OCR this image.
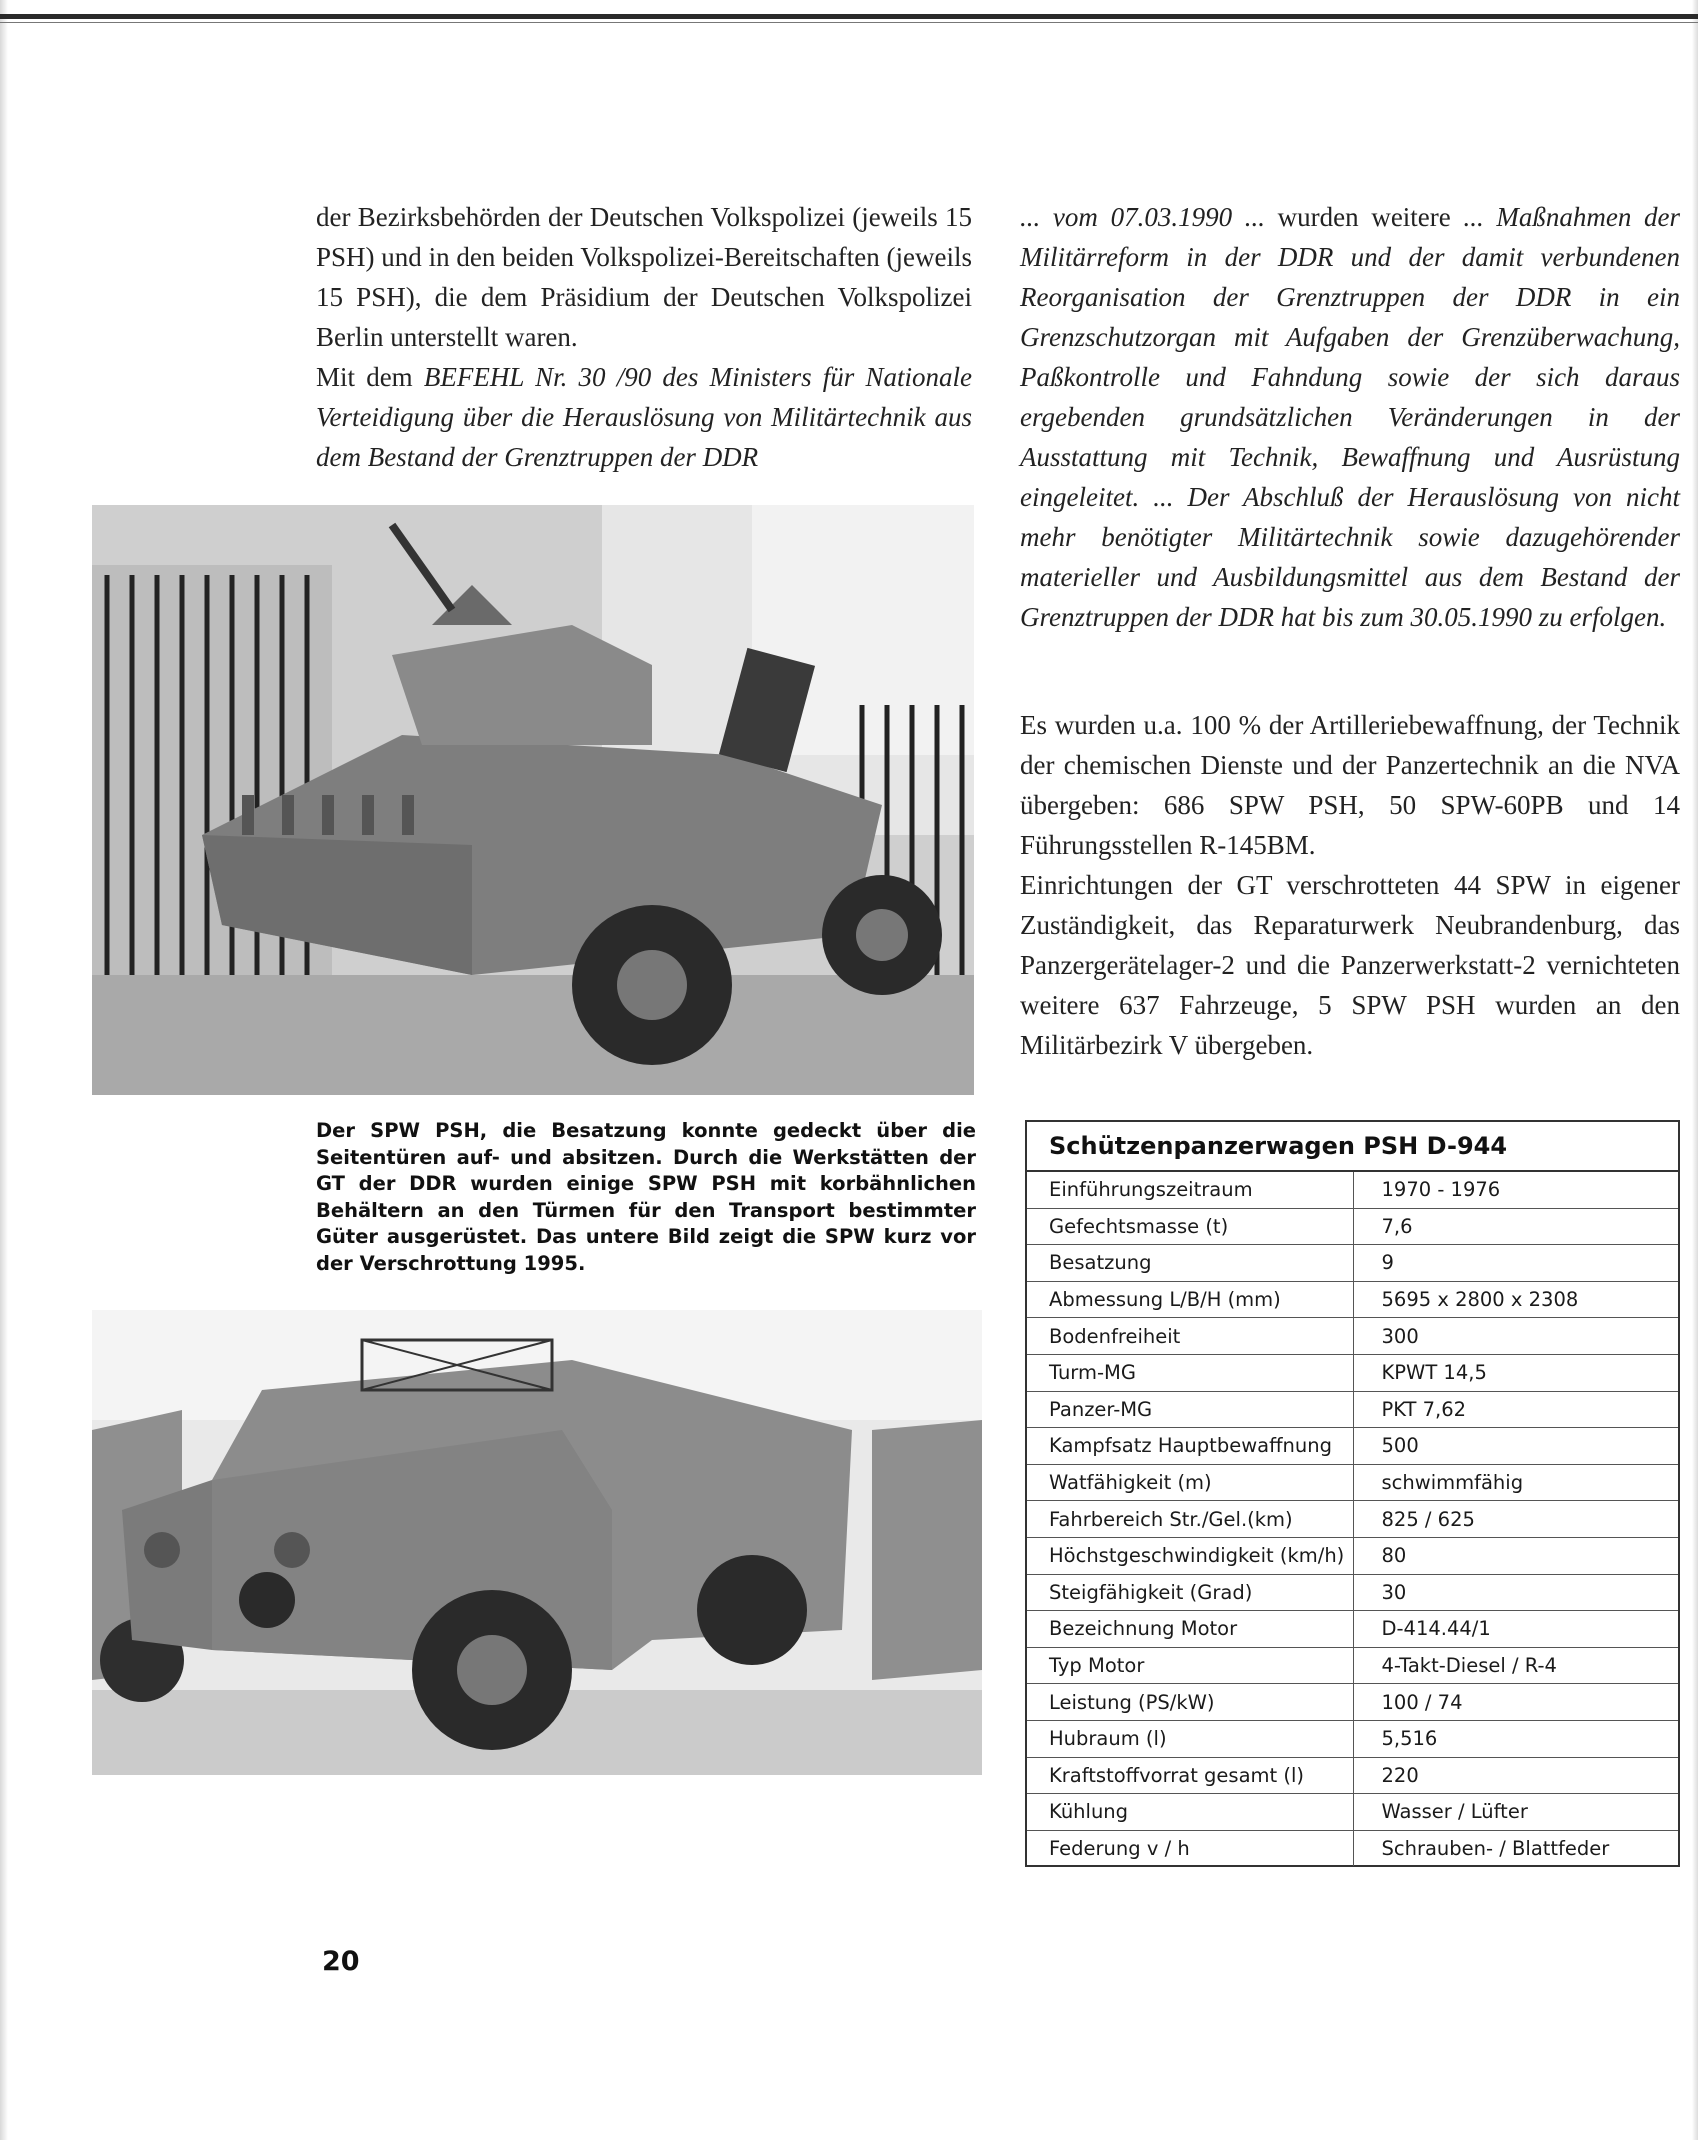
der Bezirksbehörden der Deutschen Volkspolizei (jeweils 15 PSH) und in den beiden Volkspolizei-Bereitschaften (jeweils 15 PSH), die dem Präsidium der Deutschen Volkspolizei Berlin unterstellt waren.

Mit dem BEFEHL Nr. 30 /90 des Ministers für Nationale Verteidigung über die Herauslösung von Militärtechnik aus dem Bestand der Grenztruppen der DDR

... vom 07.03.1990 ... wurden weitere ... Maßnahmen der Militärreform in der DDR und der damit verbundenen Reorganisation der Grenztruppen der DDR in ein Grenzschutzorgan mit Aufgaben der Grenzüberwachung, Paßkontrolle und Fahndung sowie der sich daraus ergebenden grundsätzlichen Veränderungen in der Ausstattung mit Technik, Bewaffnung und Ausrüstung eingeleitet. ... Der Abschluß der Herauslösung von nicht mehr benötigter Militärtechnik sowie dazugehörender materieller und Ausbildungsmittel aus dem Bestand der Grenztruppen der DDR hat bis zum 30.05.1990 zu erfolgen.

Es wurden u.a. 100 % der Artilleriebewaffnung, der Technik der chemischen Dienste und der Panzertechnik an die NVA übergeben: 686 SPW PSH, 50 SPW-60PB und 14 Führungsstellen R-145BM.

Einrichtungen der GT verschrotteten 44 SPW in eigener Zuständigkeit, das Reparaturwerk Neubrandenburg, das Panzergerätelager-2 und die Panzerwerkstatt-2 vernichteten weitere 637 Fahrzeuge, 5 SPW PSH wurden an den Militärbezirk V übergeben.

Der SPW PSH, die Besatzung konnte gedeckt über die Seitentüren auf- und absitzen. Durch die Werkstätten der GT der DDR wurden einige SPW PSH mit korbähnlichen Behältern an den Türmen für den Transport bestimmter Güter ausgerüstet. Das untere Bild zeigt die SPW kurz vor der Verschrottung 1995.
Schützenpanzerwagen PSH D-944
Einführungszeitraum	1970 - 1976
Gefechtsmasse (t)	7,6
Besatzung	9
Abmessung L/B/H (mm)	5695 x 2800 x 2308
Bodenfreiheit	300
Turm-MG	KPWT 14,5
Panzer-MG	PKT 7,62
Kampfsatz Hauptbewaffnung	500
Watfähigkeit (m)	schwimmfähig
Fahrbereich Str./Gel.(km)	825 / 625
Höchstgeschwindigkeit (km/h)	80
Steigfähigkeit (Grad)	30
Bezeichnung Motor	D-414.44/1
Typ Motor	4-Takt-Diesel / R-4
Leistung (PS/kW)	100 / 74
Hubraum (l)	5,516
Kraftstoffvorrat gesamt (l)	220
Kühlung	Wasser / Lüfter
Federung v / h	Schrauben- / Blattfeder
20
